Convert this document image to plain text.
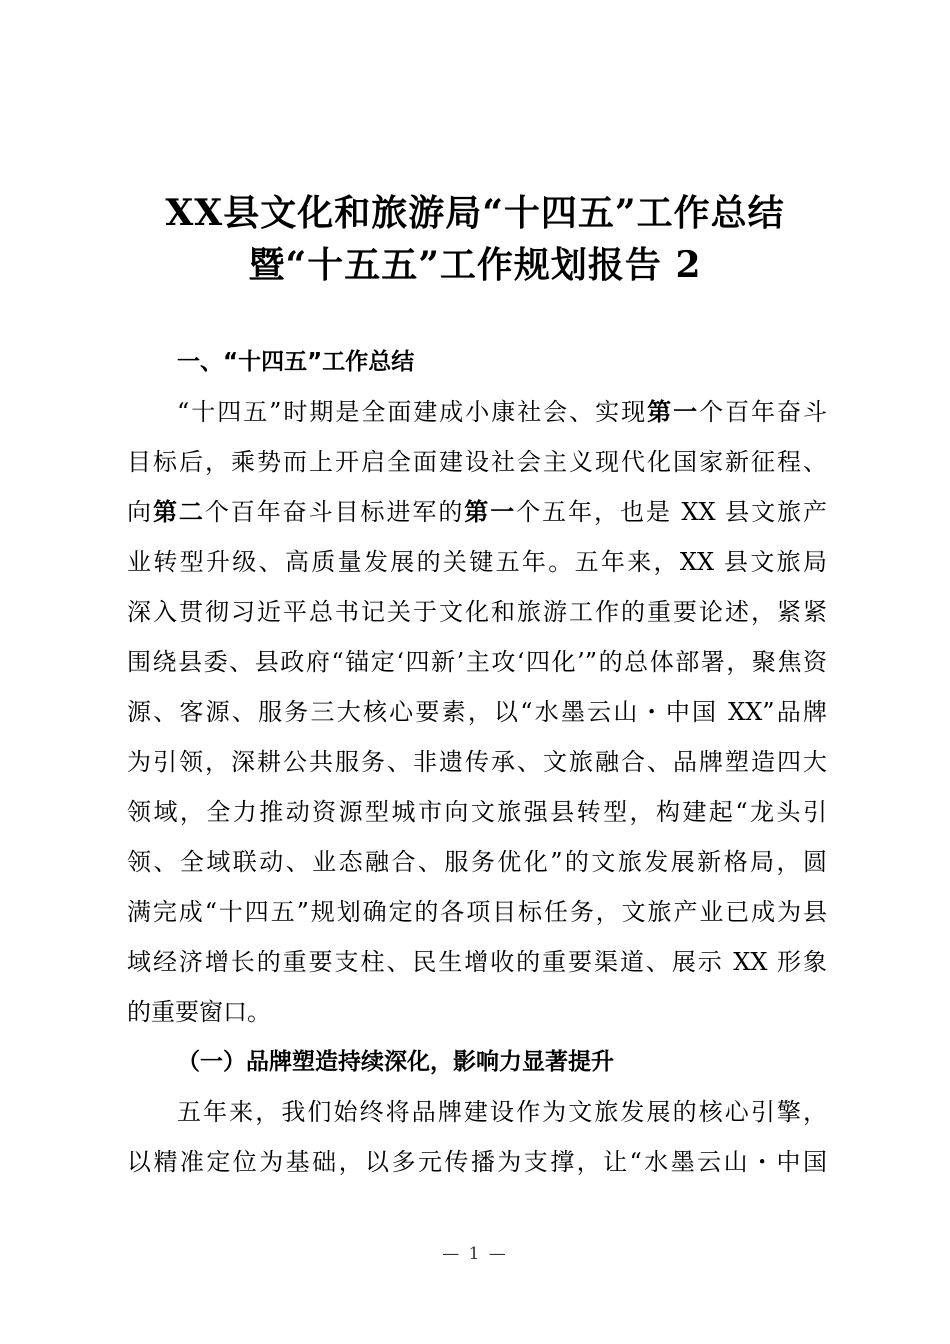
XX县文化和旅游局“十四五”工作总结
暨“十五五”工作规划报告 2
一、“十四五”工作总结
“十四五”时期是全面建成小康社会、实现第一个百年奋斗
目标后，乘势而上开启全面建设社会主义现代化国家新征程、
向第二个百年奋斗目标进军的第一个五年，也是 XX 县文旅产
业转型升级、高质量发展的关键五年。五年来，XX 县文旅局
深入贯彻习近平总书记关于文化和旅游工作的重要论述，紧紧
围绕县委、县政府“锚定‘四新’主攻‘四化’”的总体部署，聚焦资
源、客源、服务三大核心要素，以“水墨云山・中国 XX”品牌
为引领，深耕公共服务、非遗传承、文旅融合、品牌塑造四大
领域，全力推动资源型城市向文旅强县转型，构建起“龙头引
领、全域联动、业态融合、服务优化”的文旅发展新格局，圆
满完成“十四五”规划确定的各项目标任务，文旅产业已成为县
域经济增长的重要支柱、民生增收的重要渠道、展示 XX 形象
的重要窗口。
（一）品牌塑造持续深化，影响力显著提升
五年来，我们始终将品牌建设作为文旅发展的核心引擎，
以精准定位为基础，以多元传播为支撑，让“水墨云山・中国
— 1 —
